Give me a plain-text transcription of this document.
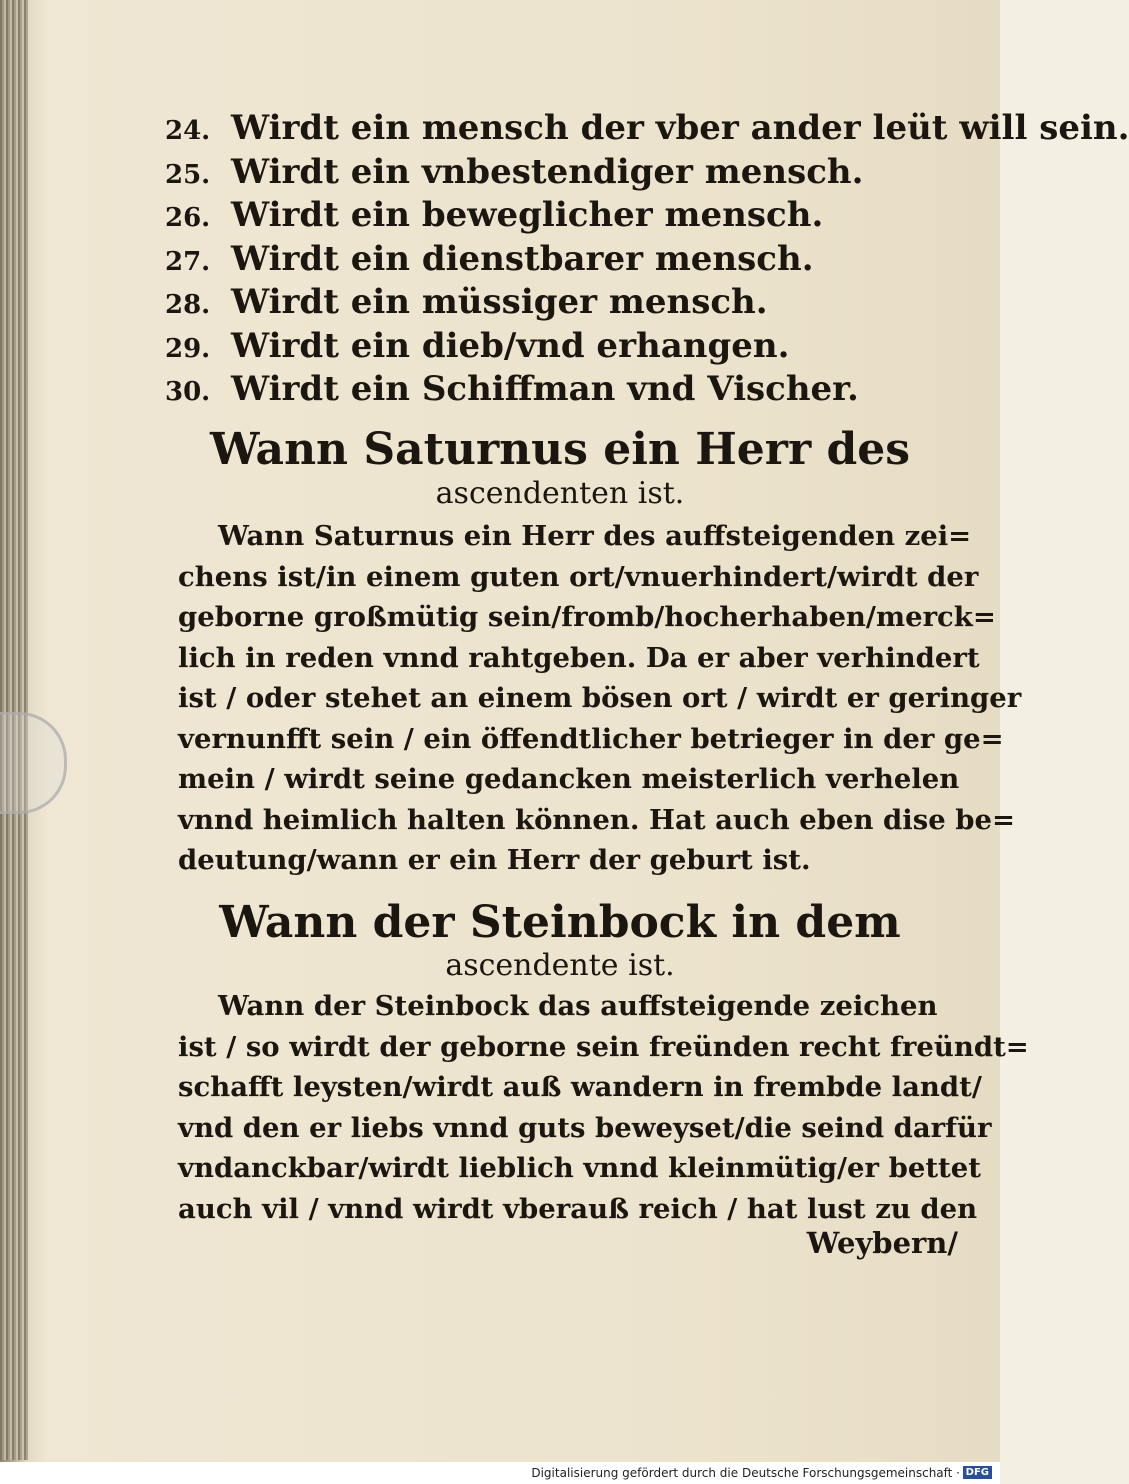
24. Wirdt ein mensch der vber ander leüt will sein.
25. Wirdt ein vnbestendiger mensch.
26. Wirdt ein beweglicher mensch.
27. Wirdt ein dienstbarer mensch.
28. Wirdt ein müssiger mensch.
29. Wirdt ein dieb/vnd erhangen.
30. Wirdt ein Schiffman vnd Vischer.
Wann Saturnus ein Herr des
ascendenten ist.
Wann Saturnus ein Herr des auffsteigenden zei=
chens ist/in einem guten ort/vnuerhindert/wirdt der
geborne großmütig sein/fromb/hocherhaben/merck=
lich in reden vnnd rahtgeben. Da er aber verhindert
ist / oder stehet an einem bösen ort / wirdt er geringer
vernunfft sein / ein öffendtlicher betrieger in der ge=
mein / wirdt seine gedancken meisterlich verhelen
vnnd heimlich halten können. Hat auch eben dise be=
deutung/wann er ein Herr der geburt ist.
Wann der Steinbock in dem
ascendente ist.
Wann der Steinbock das auffsteigende zeichen
ist / so wirdt der geborne sein freünden recht freündt=
schafft leysten/wirdt auß wandern in frembde landt/
vnd den er liebs vnnd guts beweyset/die seind darfür
vndanckbar/wirdt lieblich vnnd kleinmütig/er bettet
auch vil / vnnd wirdt vberauß reich / hat lust zu den
Weybern/
Digitalisierung gefördert durch die Deutsche Forschungsgemeinschaft · DFG
